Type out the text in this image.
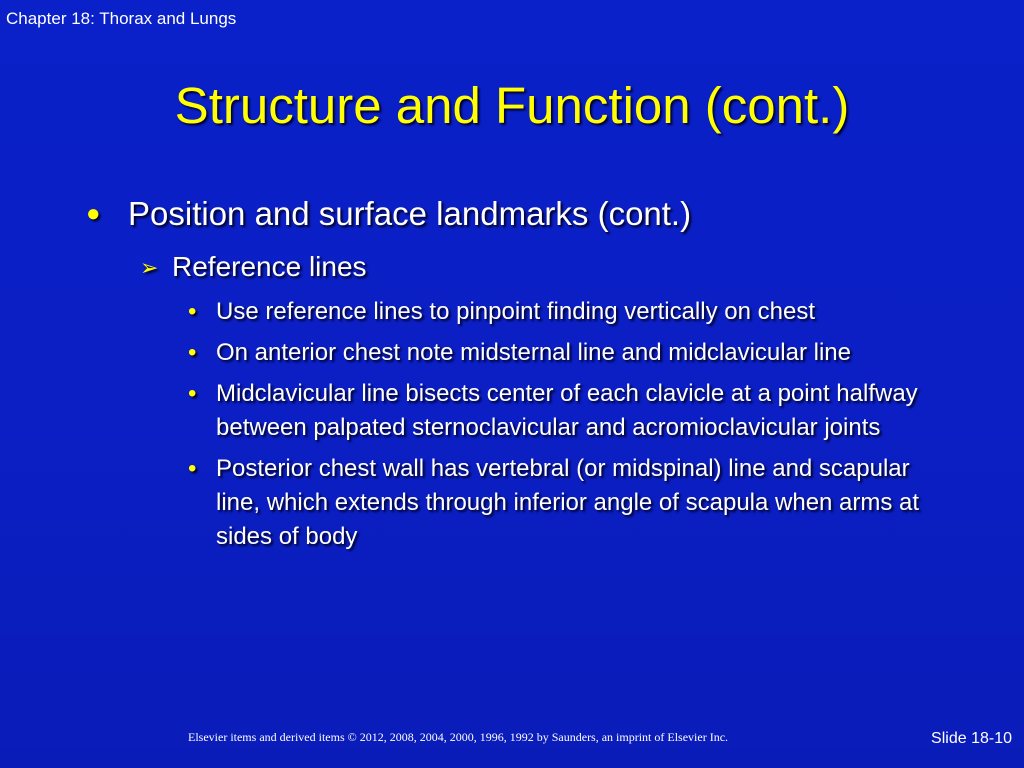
Chapter 18: Thorax and Lungs
Structure and Function (cont.)
● Position and surface landmarks (cont.)
➢ Reference lines
• Use reference lines to pinpoint finding vertically on chest
• On anterior chest note midsternal line and midclavicular line
• Midclavicular line bisects center of each clavicle at a point halfway between palpated sternoclavicular and acromioclavicular joints
• Posterior chest wall has vertebral (or midspinal) line and scapular line, which extends through inferior angle of scapula when arms at sides of body
Elsevier items and derived items © 2012, 2008, 2004, 2000, 1996, 1992 by Saunders, an imprint of Elsevier Inc.	Slide 18-10
